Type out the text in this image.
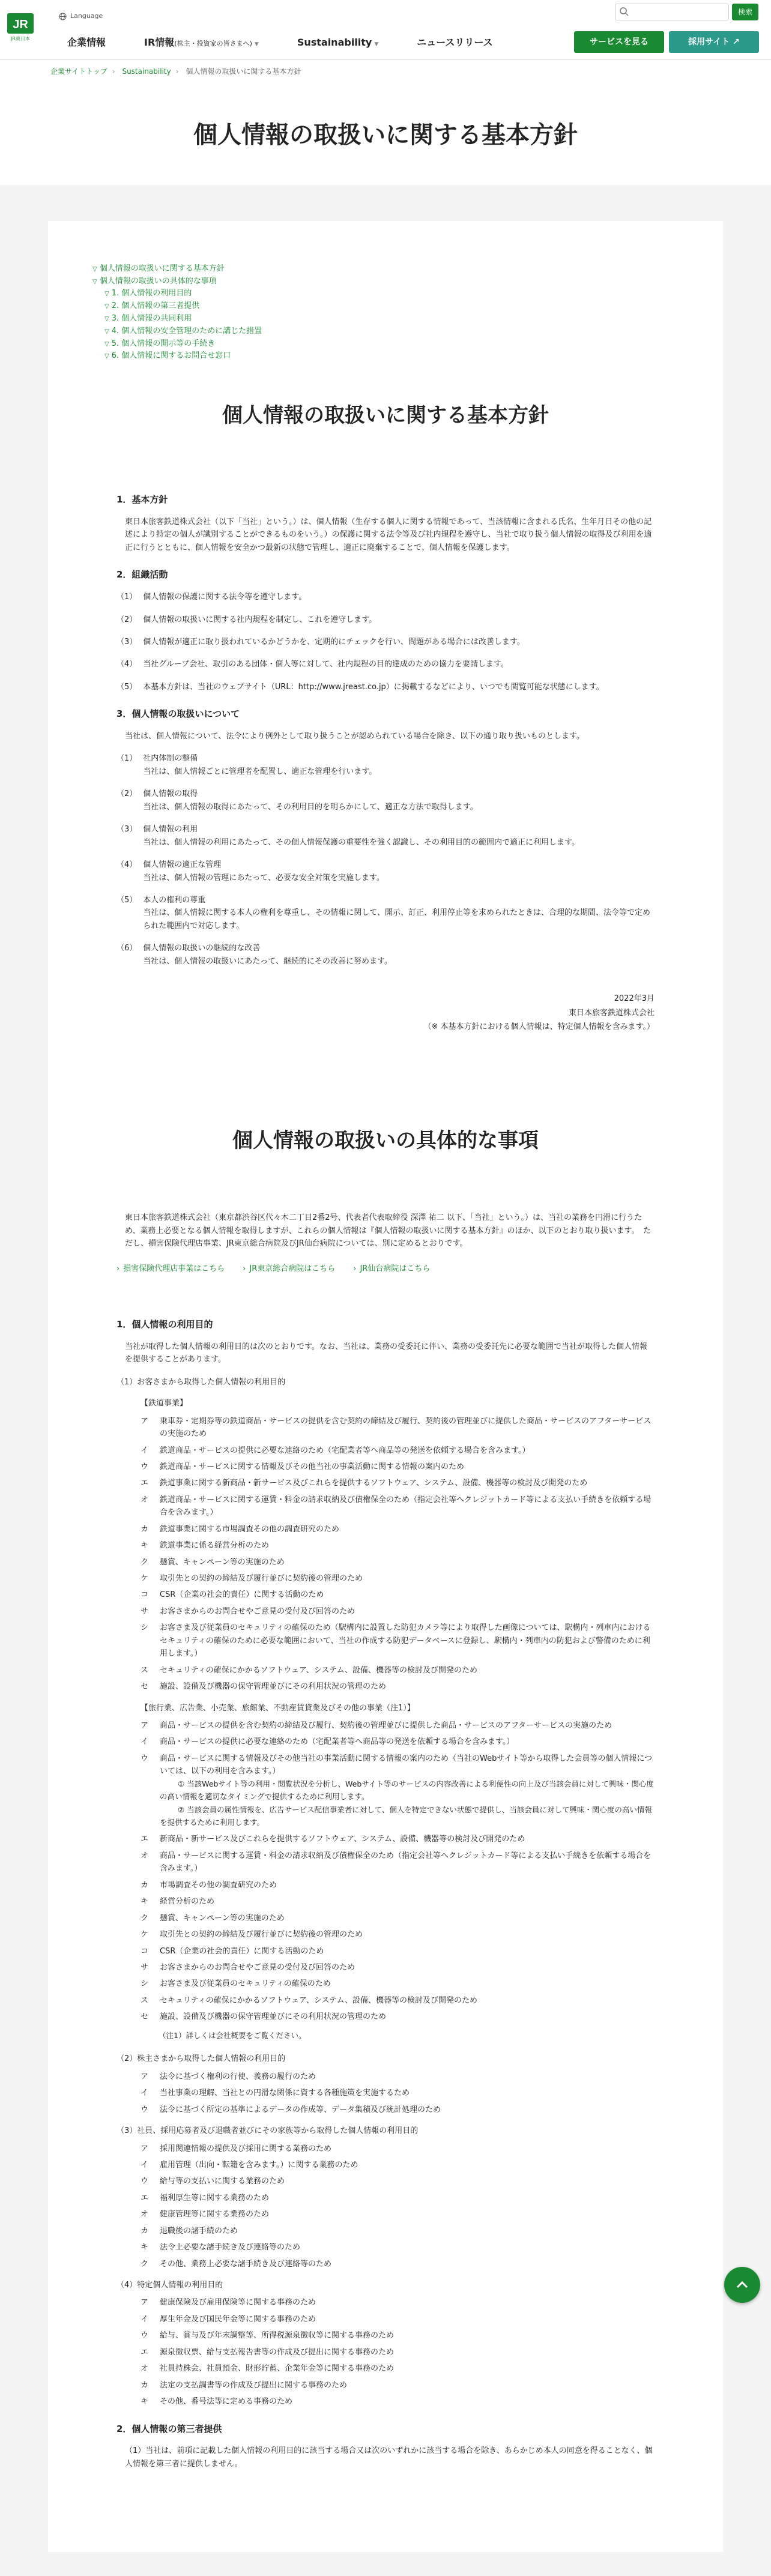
JR
JR東日本
Language
企業情報	IR情報(株主・投資家の皆さまへ) ▼	Sustainability ▼	ニュースリリース
検索
サービスを見る	採用サイト ↗
企業サイトトップ › Sustainability › 個人情報の取扱いに関する基本方針
個人情報の取扱いに関する基本方針
▽ 個人情報の取扱いに関する基本方針
▽ 個人情報の取扱いの具体的な事項
▽ 1. 個人情報の利用目的
▽ 2. 個人情報の第三者提供
▽ 3. 個人情報の共同利用
▽ 4. 個人情報の安全管理のために講じた措置
▽ 5. 個人情報の開示等の手続き
▽ 6. 個人情報に関するお問合せ窓口
個人情報の取扱いに関する基本方針
1．基本方針

東日本旅客鉄道株式会社（以下「当社」という。）は、個人情報（生存する個人に関する情報であって、当該情報に含まれる氏名、生年月日その他の記述により特定の個人が識別することができるものをいう。）の保護に関する法令等及び社内規程を遵守し、当社で取り扱う個人情報の取得及び利用を適正に行うとともに、個人情報を安全かつ最新の状態で管理し、適正に廃棄することで、個人情報を保護します。

2．組織活動
（1） 個人情報の保護に関する法令等を遵守します。
（2） 個人情報の取扱いに関する社内規程を制定し、これを遵守します。
（3） 個人情報が適正に取り扱われているかどうかを、定期的にチェックを行い、問題がある場合には改善します。
（4） 当社グループ会社、取引のある団体・個人等に対して、社内規程の目的達成のための協力を要請します。
（5） 本基本方針は、当社のウェブサイト（URL：http://www.jreast.co.jp）に掲載するなどにより、いつでも閲覧可能な状態にします。
3．個人情報の取扱いについて

当社は、個人情報について、法令により例外として取り扱うことが認められている場合を除き、以下の通り取り扱いものとします。

（1） 社内体制の整備
当社は、個人情報ごとに管理者を配置し、適正な管理を行います。
（2） 個人情報の取得
当社は、個人情報の取得にあたって、その利用目的を明らかにして、適正な方法で取得します。
（3） 個人情報の利用
当社は、個人情報の利用にあたって、その個人情報保護の重要性を強く認識し、その利用目的の範囲内で適正に利用します。
（4） 個人情報の適正な管理
当社は、個人情報の管理にあたって、必要な安全対策を実施します。
（5） 本人の権利の尊重
当社は、個人情報に関する本人の権利を尊重し、その情報に関して、開示、訂正、利用停止等を求められたときは、合理的な期間、法令等で定められた範囲内で対応します。
（6） 個人情報の取扱いの継続的な改善
当社は、個人情報の取扱いにあたって、継続的にその改善に努めます。
2022年3月
東日本旅客鉄道株式会社
（※ 本基本方針における個人情報は、特定個人情報を含みます。）
個人情報の取扱いの具体的な事項

東日本旅客鉄道株式会社（東京都渋谷区代々木二丁目2番2号、代表者代表取締役 深澤 祐二 以下、「当社」という。）は、当社の業務を円滑に行うため、業務上必要となる個人情報を取得しますが、これらの個人情報は『個人情報の取扱いに関する基本方針』のほか、以下のとおり取り扱います。　ただし、損害保険代理店事業、JR東京総合病院及びJR仙台病院については、別に定めるとおりです。

› 損害保険代理店事業はこちら	› JR東京総合病院はこちら	› JR仙台病院はこちら
1．個人情報の利用目的

当社が取得した個人情報の利用目的は次のとおりです。なお、当社は、業務の受委託に伴い、業務の受委託先に必要な範囲で当社が取得した個人情報を提供することがあります。

（1）お客さまから取得した個人情報の利用目的

【鉄道事業】

ア	乗車券・定期券等の鉄道商品・サービスの提供を含む契約の締結及び履行、契約後の管理並びに提供した商品・サービスのアフターサービスの実施のため
イ	鉄道商品・サービスの提供に必要な連絡のため（宅配業者等へ商品等の発送を依頼する場合を含みます。）
ウ	鉄道商品・サービスに関する情報及びその他当社の事業活動に関する情報の案内のため
エ	鉄道事業に関する新商品・新サービス及びこれらを提供するソフトウェア、システム、設備、機器等の検討及び開発のため
オ	鉄道商品・サービスに関する運賃・料金の請求収納及び債権保全のため（指定会社等へクレジットカード等による支払い手続きを依頼する場合を含みます。）
カ	鉄道事業に関する市場調査その他の調査研究のため
キ	鉄道事業に係る経営分析のため
ク	懸賞、キャンペーン等の実施のため
ケ	取引先との契約の締結及び履行並びに契約後の管理のため
コ	CSR（企業の社会的責任）に関する活動のため
サ	お客さまからのお問合せやご意見の受付及び回答のため
シ	お客さま及び従業員のセキュリティの確保のため（駅構内に設置した防犯カメラ等により取得した画像については、駅構内・列車内におけるセキュリティの確保のために必要な範囲において、当社の作成する防犯データベースに登録し、駅構内・列車内の防犯および警備のために利用します。）
ス	セキュリティの確保にかかるソフトウェア、システム、設備、機器等の検討及び開発のため
セ	施設、設備及び機器の保守管理並びにその利用状況の管理のため

【旅行業、広告業、小売業、旅館業、不動産賃貸業及びその他の事業（注1）】

ア	商品・サービスの提供を含む契約の締結及び履行、契約後の管理並びに提供した商品・サービスのアフターサービスの実施のため
イ	商品・サービスの提供に必要な連絡のため（宅配業者等へ商品等の発送を依頼する場合を含みます。）
ウ	商品・サービスに関する情報及びその他当社の事業活動に関する情報の案内のため（当社のWebサイト等から取得した会員等の個人情報については、以下の利用を含みます。）
① 当該Webサイト等の利用・閲覧状況を分析し、Webサイト等のサービスの内容改善による利便性の向上及び当該会員に対して興味・関心度の高い情報を適切なタイミングで提供するために利用します。
② 当該会員の属性情報を、広告サービス配信事業者に対して、個人を特定できない状態で提供し、当該会員に対して興味・関心度の高い情報を提供するために利用します。
エ	新商品・新サービス及びこれらを提供するソフトウェア、システム、設備、機器等の検討及び開発のため
オ	商品・サービスに関する運賃・料金の請求収納及び債権保全のため（指定会社等へクレジットカード等による支払い手続きを依頼する場合を含みます。）
カ	市場調査その他の調査研究のため
キ	経営分析のため
ク	懸賞、キャンペーン等の実施のため
ケ	取引先との契約の締結及び履行並びに契約後の管理のため
コ	CSR（企業の社会的責任）に関する活動のため
サ	お客さまからのお問合せやご意見の受付及び回答のため
シ	お客さま及び従業員のセキュリティの確保のため
ス	セキュリティの確保にかかるソフトウェア、システム、設備、機器等の検討及び開発のため
セ	施設、設備及び機器の保守管理並びにその利用状況の管理のため

（注1）詳しくは会社概要をご覧ください。

（2）株主さまから取得した個人情報の利用目的

ア	法令に基づく権利の行使、義務の履行のため
イ	当社事業の理解、当社との円滑な関係に資する各種施策を実施するため
ウ	法令に基づく所定の基準によるデータの作成等、データ集積及び統計処理のため

（3）社員、採用応募者及び退職者並びにその家族等から取得した個人情報の利用目的

ア	採用関連情報の提供及び採用に関する業務のため
イ	雇用管理（出向・転籍を含みます。）に関する業務のため
ウ	給与等の支払いに関する業務のため
エ	福利厚生等に関する業務のため
オ	健康管理等に関する業務のため
カ	退職後の諸手続のため
キ	法令上必要な諸手続き及び連絡等のため
ク	その他、業務上必要な諸手続き及び連絡等のため

（4）特定個人情報の利用目的

ア	健康保険及び雇用保険等に関する事務のため
イ	厚生年金及び国民年金等に関する事務のため
ウ	給与、賞与及び年末調整等、所得税源泉徴収等に関する事務のため
エ	源泉徴収票、給与支払報告書等の作成及び提出に関する事務のため
オ	社員持株会、社員預金、財形貯蓄、企業年金等に関する事務のため
カ	法定の支払調書等の作成及び提出に関する事務のため
キ	その他、番号法等に定める事務のため
2．個人情報の第三者提供

（1）当社は、前項に記載した個人情報の利用目的に該当する場合又は次のいずれかに該当する場合を除き、あらかじめ本人の同意を得ることなく、個人情報を第三者に提供しません。
